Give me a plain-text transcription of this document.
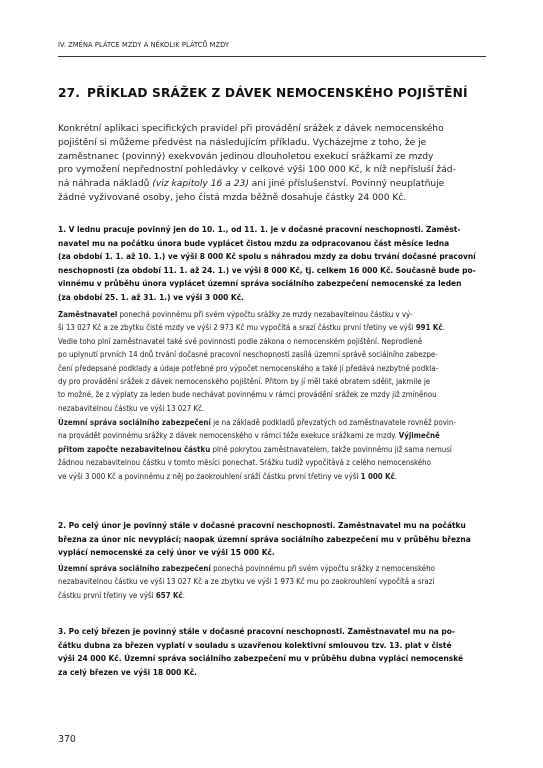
IV. ZMĚNA PLÁTCE MZDY A NĚKOLIK PLÁTCŮ MZDY
27. PŘÍKLAD SRÁŽEK Z DÁVEK NEMOCENSKÉHO POJIŠTĚNÍ
Konkrétní aplikaci specifických pravidel při provádění srážek z dávek nemocenského
pojištění si můžeme předvést na následujícím příkladu. Vycházejme z toho, že je
zaměstnanec (povinný) exekvován jedinou dlouholetou exekucí srážkami ze mzdy
pro vymožení nepřednostní pohledávky v celkové výši 100 000 Kč, k níž nepřísluší žád-
ná náhrada nákladů (viz kapitoly 16 a 23) ani jiné příslušenství. Povinný neuplatňuje
žádné vyživované osoby, jeho čistá mzda běžně dosahuje částky 24 000 Kč.
1. V lednu pracuje povinný jen do 10. 1., od 11. 1. je v dočasné pracovní neschopnosti. Zaměst-
navatel mu na počátku února bude vyplácet čistou mzdu za odpracovanou část měsíce ledna
(za období 1. 1. až 10. 1.) ve výši 8 000 Kč spolu s náhradou mzdy za dobu trvání dočasné pracovní
neschopnosti (za období 11. 1. až 24. 1.) ve výši 8 000 Kč, tj. celkem 16 000 Kč. Současně bude po-
vinnému v průběhu února vyplácet územní správa sociálního zabezpečení nemocenské za leden
(za období 25. 1. až 31. 1.) ve výši 3 000 Kč.
Zaměstnavatel ponechá povinnému při svém výpočtu srážky ze mzdy nezabavitelnou částku v vý-
ši 13 027 Kč a ze zbytku čisté mzdy ve výši 2 973 Kč mu vypočítá a srazí částku první třetiny ve výši 991 Kč.
Vedle toho plní zaměstnavatel také své povinnosti podle zákona o nemocenském pojištění. Neprodleně
po uplynutí prvních 14 dnů trvání dočasné pracovní neschopnosti zasílá územní správě sociálního zabezpe-
čení předepsané podklady a údaje potřebné pro výpočet nemocenského a také jí předává nezbytné podkla-
dy pro provádění srážek z dávek nemocenského pojištění. Přitom by jí měl také obratem sdělit, jakmile je
to možné, že z výplaty za leden bude nechávat povinnému v rámci provádění srážek ze mzdy již zmíněnou
nezabavitelnou částku ve výši 13 027 Kč.
Územní správa sociálního zabezpečení je na základě podkladů převzatých od zaměstnavatele rovněž povin-
na provádět povinnému srážky z dávek nemocenského v rámci téže exekuce srážkami ze mzdy. Výjimečně
přitom započte nezabavitelnou částku plně pokrytou zaměstnavatelem, takže povinnému již sama nemusí
žádnou nezabavitelnou částku v tomto měsíci ponechat. Srážku tudíž vypočítává z celého nemocenského
ve výši 3 000 Kč a povinnému z něj po zaokrouhlení sráží částku první třetiny ve výši 1 000 Kč.
2. Po celý únor je povinný stále v dočasné pracovní neschopnosti. Zaměstnavatel mu na počátku
března za únor nic nevyplácí; naopak územní správa sociálního zabezpečení mu v průběhu března
vyplácí nemocenské za celý únor ve výši 15 000 Kč.
Územní správa sociálního zabezpečení ponechá povinnému při svém výpočtu srážky z nemocenského
nezabavitelnou částku ve výši 13 027 Kč a ze zbytku ve výši 1 973 Kč mu po zaokrouhlení vypočítá a srazí
částku první třetiny ve výši 657 Kč.
3. Po celý březen je povinný stále v dočasné pracovní neschopnosti. Zaměstnavatel mu na po-
čátku dubna za březen vyplatí v souladu s uzavřenou kolektivní smlouvou tzv. 13. plat v čisté
výši 24 000 Kč. Územní správa sociálního zabezpečení mu v průběhu dubna vyplácí nemocenské
za celý březen ve výši 18 000 Kč.
370
